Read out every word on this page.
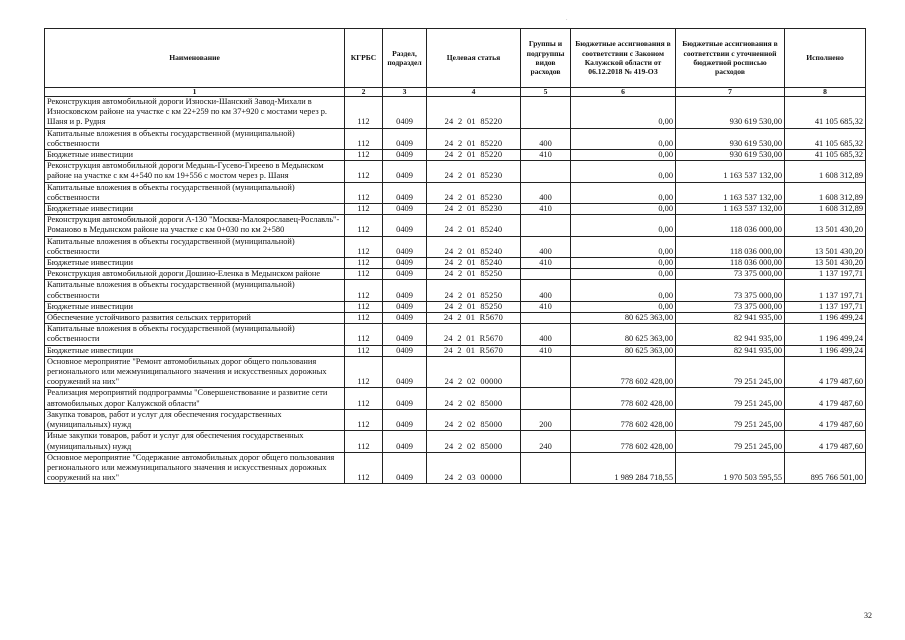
.
Наименование	КГРБС	Раздел, подраздел	Целевая статья	Группы и подгруппы видов расходов	Бюджетные ассигнования в соответствии с Законом Калужской области от 06.12.2018 № 419-ОЗ	Бюджетные ассигнования в соответствии с уточненной бюджетной росписью расходов	Исполнено
1	2	3	4	5	6	7	8
Реконструкция автомобильной дороги Износки-Шанский Завод-Михали в Износковском районе на участке с км 22+259 по км 37+920 с мостами через р. Шаня и р. Рудня	112	0409	24  2  01  85220		0,00	930 619 530,00	41 105 685,32
Капитальные вложения в объекты государственной (муниципальной) собственности	112	0409	24  2  01  85220	400	0,00	930 619 530,00	41 105 685,32
Бюджетные инвестиции	112	0409	24  2  01  85220	410	0,00	930 619 530,00	41 105 685,32
Реконструкция автомобильной дороги Медынь-Гусево-Гиреево в Медынском районе на участке с км 4+540 по км 19+556 с мостом через р. Шаня	112	0409	24  2  01  85230		0,00	1 163 537 132,00	1 608 312,89
Капитальные вложения в объекты государственной (муниципальной) собственности	112	0409	24  2  01  85230	400	0,00	1 163 537 132,00	1 608 312,89
Бюджетные инвестиции	112	0409	24  2  01  85230	410	0,00	1 163 537 132,00	1 608 312,89
Реконструкция автомобильной дороги А-130 "Москва-Малоярославец-Рославль"-Романово в Медынском районе на участке с км 0+030 по км 2+580	112	0409	24  2  01  85240		0,00	118 036 000,00	13 501 430,20
Капитальные вложения в объекты государственной (муниципальной) собственности	112	0409	24  2  01  85240	400	0,00	118 036 000,00	13 501 430,20
Бюджетные инвестиции	112	0409	24  2  01  85240	410	0,00	118 036 000,00	13 501 430,20
Реконструкция автомобильной дороги Дошино-Еленка в Медынском районе	112	0409	24  2  01  85250		0,00	73 375 000,00	1 137 197,71
Капитальные вложения в объекты государственной (муниципальной) собственности	112	0409	24  2  01  85250	400	0,00	73 375 000,00	1 137 197,71
Бюджетные инвестиции	112	0409	24  2  01  85250	410	0,00	73 375 000,00	1 137 197,71
Обеспечение устойчивого развития сельских территорий	112	0409	24  2  01  R5670		80 625 363,00	82 941 935,00	1 196 499,24
Капитальные вложения в объекты государственной (муниципальной) собственности	112	0409	24  2  01  R5670	400	80 625 363,00	82 941 935,00	1 196 499,24
Бюджетные инвестиции	112	0409	24  2  01  R5670	410	80 625 363,00	82 941 935,00	1 196 499,24
Основное мероприятие "Ремонт автомобильных дорог общего пользования регионального или межмуниципального значения и искусственных дорожных сооружений на них"	112	0409	24  2  02  00000		778 602 428,00	79 251 245,00	4 179 487,60
Реализация мероприятий подпрограммы "Совершенствование и развитие сети автомобильных дорог Калужской области"	112	0409	24  2  02  85000		778 602 428,00	79 251 245,00	4 179 487,60
Закупка товаров, работ и услуг для обеспечения государственных (муниципальных) нужд	112	0409	24  2  02  85000	200	778 602 428,00	79 251 245,00	4 179 487,60
Иные закупки товаров, работ и услуг для обеспечения государственных (муниципальных) нужд	112	0409	24  2  02  85000	240	778 602 428,00	79 251 245,00	4 179 487,60
Основное мероприятие "Содержание автомобильных дорог общего пользования регионального или межмуниципального значения и искусственных дорожных сооружений на них"	112	0409	24  2  03  00000		1 989 284 718,55	1 970 503 595,55	895 766 501,00
32
